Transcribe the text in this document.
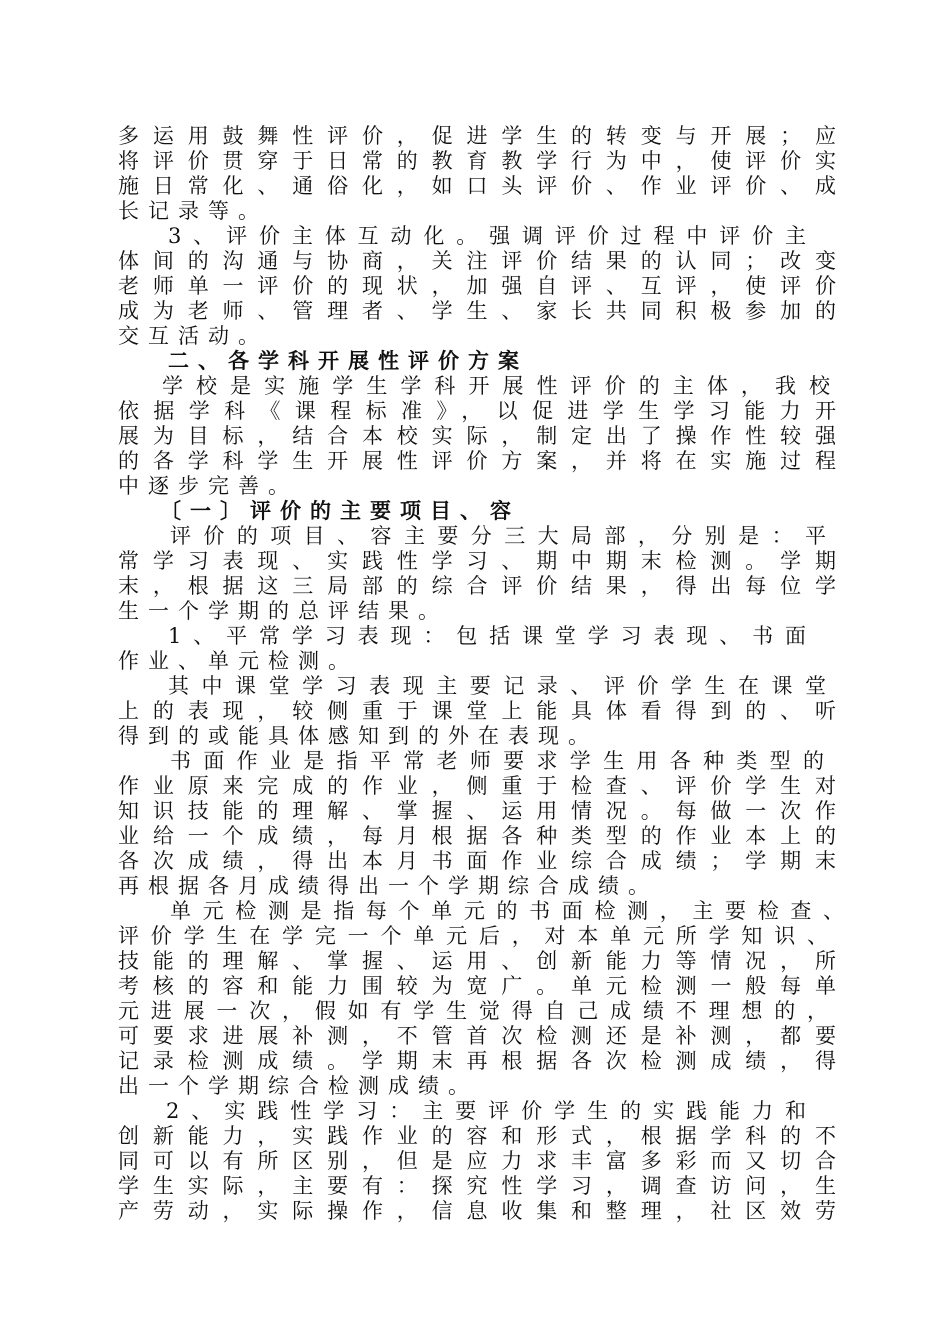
多运用鼓舞性评价，促进学生的转变与开展；应
将评价贯穿于日常的教育教学行为中，使评价实
施日常化、通俗化，如口头评价、作业评价、成
长记录等。
3、评价主体互动化。强调评价过程中评价主
体间的沟通与协商，关注评价结果的认同；改变
老师单一评价的现状，加强自评、互评，使评价
成为老师、管理者、学生、家长共同积极参加的
交互活动。
二、各学科开展性评价方案
学校是实施学生学科开展性评价的主体，我校
依据学科《课程标准》，以促进学生学习能力开
展为目标，结合本校实际，制定出了操作性较强
的各学科学生开展性评价方案，并将在实施过程
中逐步完善。
〔一〕评价的主要项目、容
评价的项目、容主要分三大局部，分别是：平
常学习表现、实践性学习、期中期末检测。学期
末，根据这三局部的综合评价结果，得出每位学
生一个学期的总评结果。
1、平常学习表现：包括课堂学习表现、书面
作业、单元检测。
其中课堂学习表现主要记录、评价学生在课堂
上的表现，较侧重于课堂上能具体看得到的、听
得到的或能具体感知到的外在表现。
书面作业是指平常老师要求学生用各种类型的
作业原来完成的作业，侧重于检查、评价学生对
知识技能的理解、掌握、运用情况。每做一次作
业给一个成绩，每月根据各种类型的作业本上的
各次成绩，得出本月书面作业综合成绩；学期末
再根据各月成绩得出一个学期综合成绩。
单元检测是指每个单元的书面检测，主要检查、
评价学生在学完一个单元后，对本单元所学知识、
技能的理解、掌握、运用、创新能力等情况，所
考核的容和能力围较为宽广。单元检测一般每单
元进展一次，假如有学生觉得自己成绩不理想的，
可要求进展补测，不管首次检测还是补测，都要
记录检测成绩。学期末再根据各次检测成绩，得
出一个学期综合检测成绩。
2、实践性学习：主要评价学生的实践能力和
创新能力，实践作业的容和形式，根据学科的不
同可以有所区别，但是应力求丰富多彩而又切合
学生实际，主要有：探究性学习，调查访问，生
产劳动，实际操作，信息收集和整理，社区效劳
